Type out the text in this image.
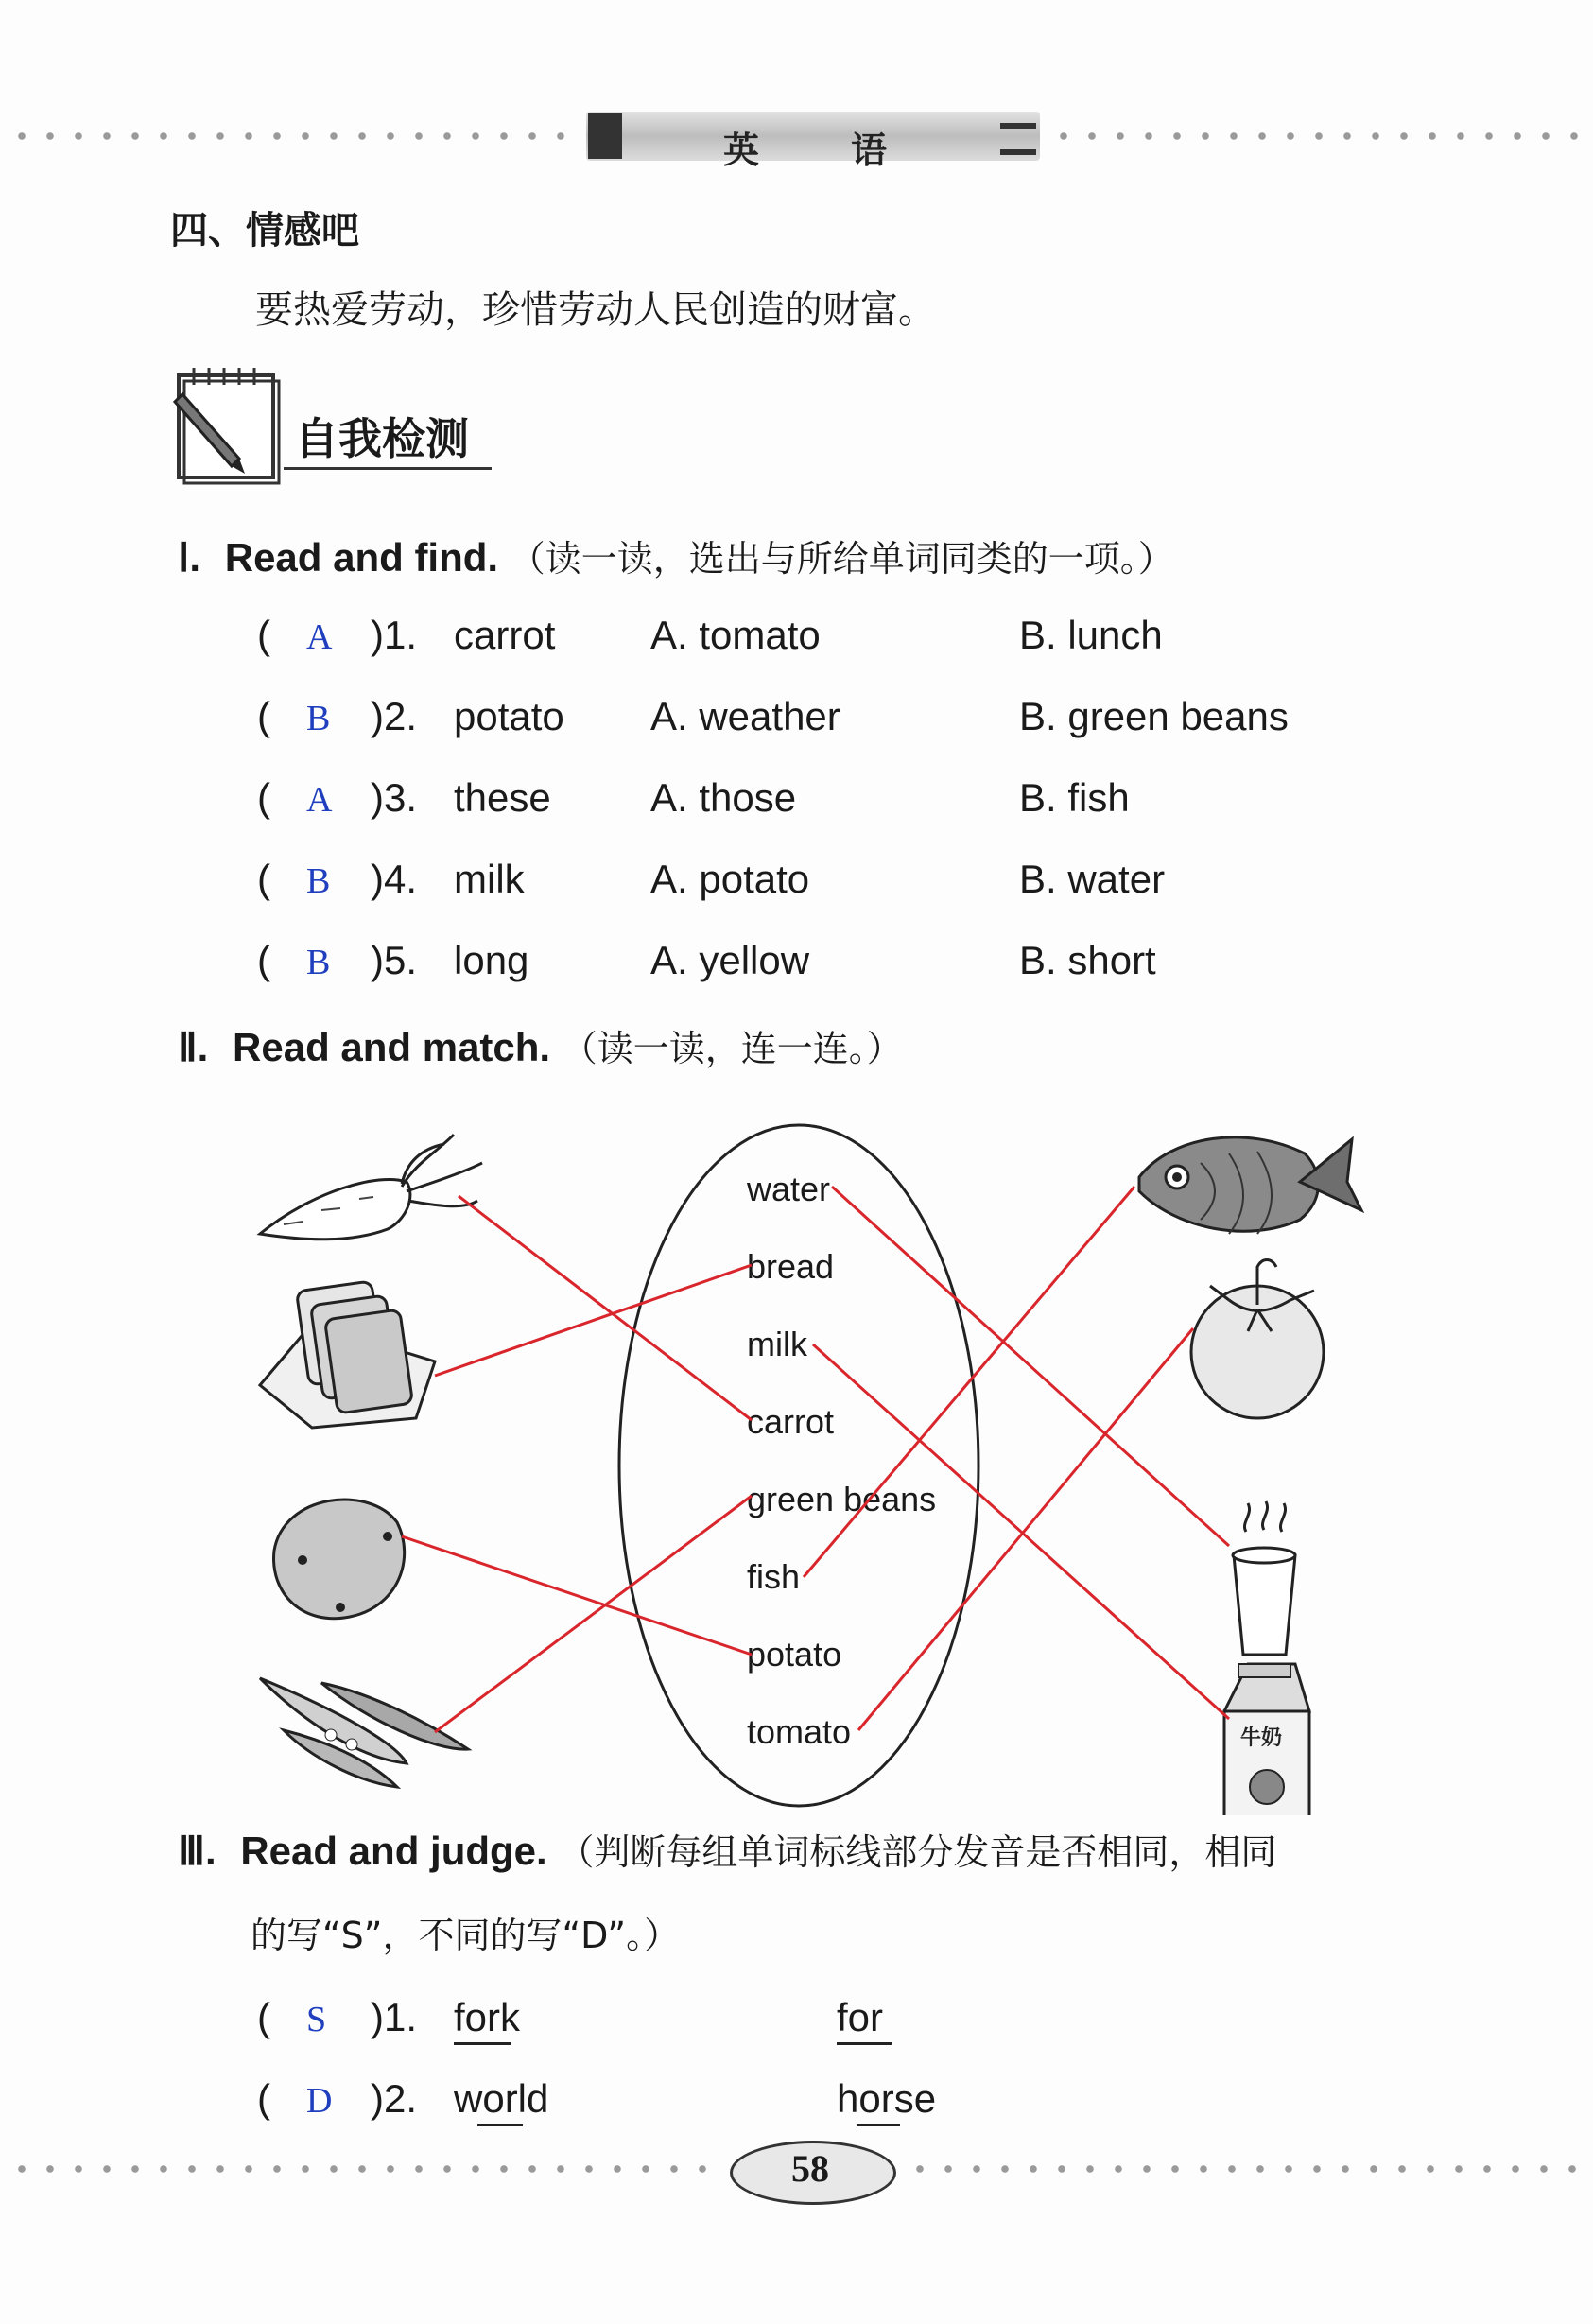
英	语
四、情感吧
要热爱劳动，珍惜劳动人民创造的财富。
自我检测
Ⅰ. Read and find. （读一读，选出与所给单词同类的一项。）
( A )1. carrot A. tomato	B. lunch
( B )2. potato A. weather	B. green beans
( A )3. these	A. those	B. fish
( B )4. milk	A. potato	B. water
( B )5. long	A. yellow	B. short
Ⅱ. Read and match. （读一读，连一连。）
牛奶
water
bread
milk
carrot
green beans
fish
potato
tomato
Ⅲ. Read and judge. （判断每组单词标线部分发音是否相同，相同
的写“S”，不同的写“D”。）
( S )1. fork	for
( D )2. world	horse
58
